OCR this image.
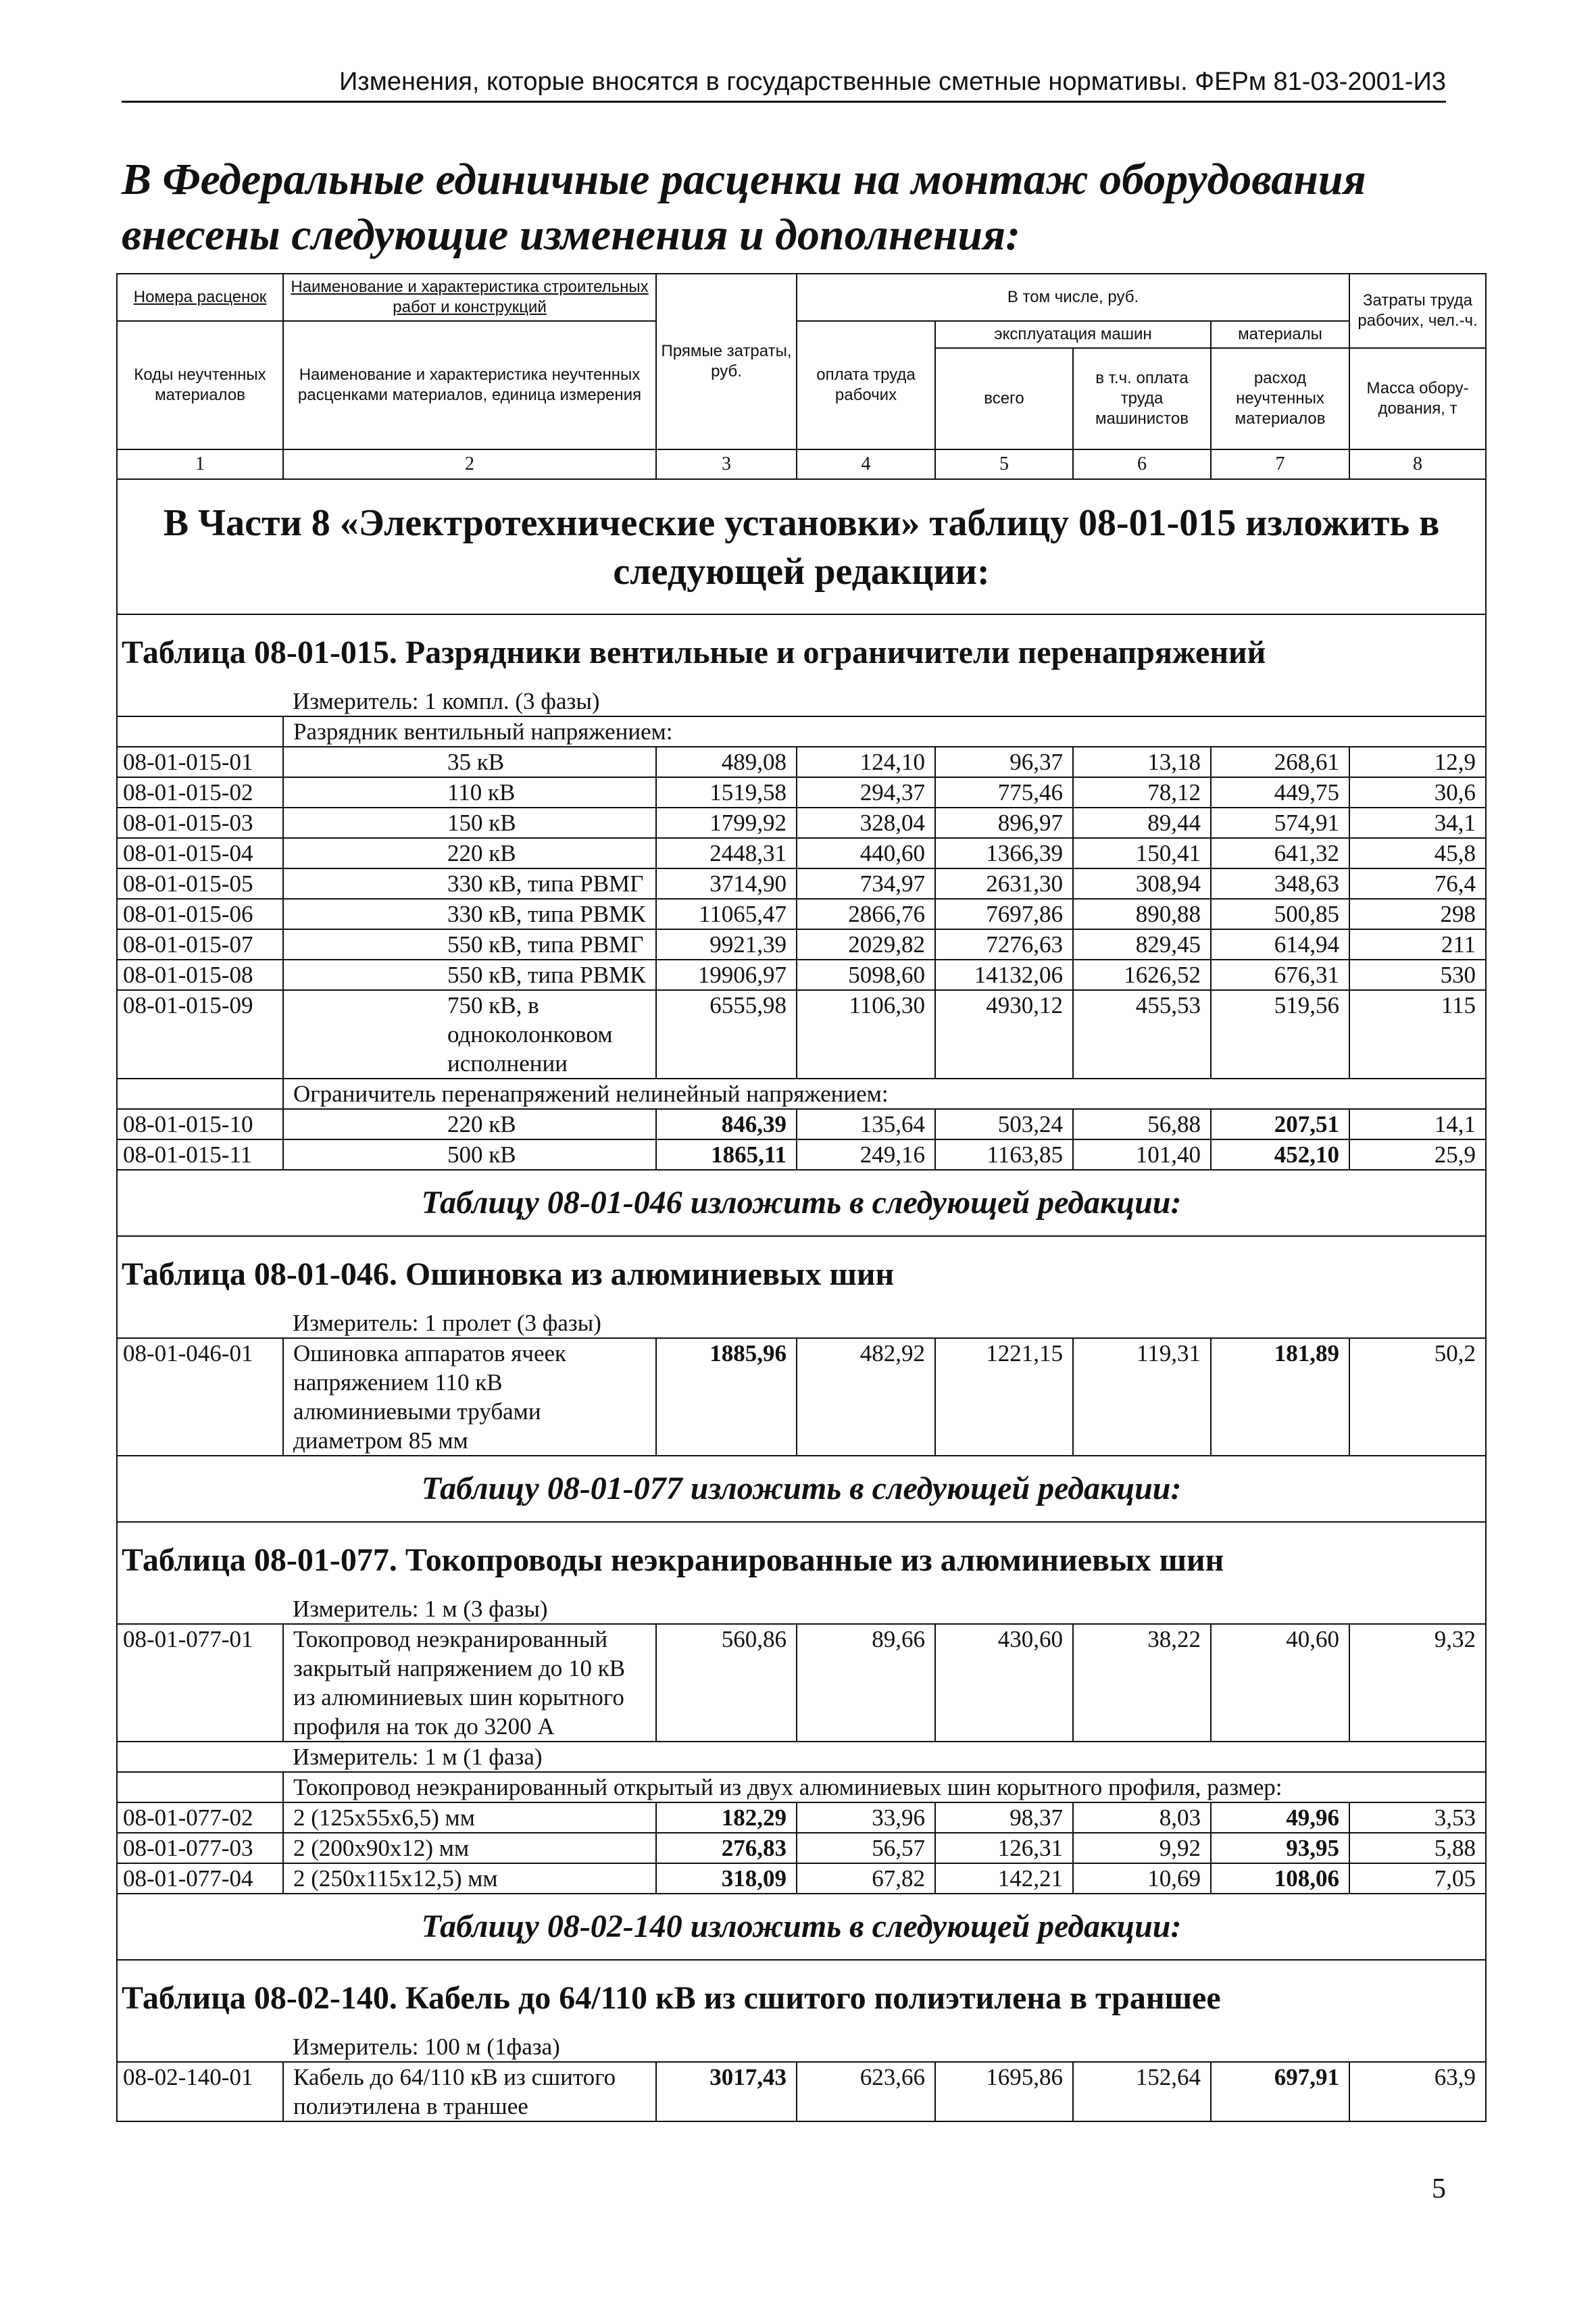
Изменения, которые вносятся в государственные сметные нормативы. ФЕРм 81-03-2001-И3
В Федеральные единичные расценки на монтаж оборудования внесены следующие изменения и дополнения:
Номера расценок	Наименование и характеристика строительных работ и конструкций	Прямые затраты, руб.	В том числе, руб.				Затраты труда рабочих, чел.-ч.
Коды неучтенных материалов	Наименование и характеристика неучтенных расценками материалов, единица измерения		оплата труда рабочих	эксплуатация машин		материалы	
				всего	в т.ч. оплата труда машинистов	расход неучтенных материалов	Масса обору-дования, т
1	2	3	4	5	6	7	8
В Части 8 «Электротехнические установки» таблицу 08-01-015 изложить в следующей редакции:							
Таблица 08-01-015. Разрядники вентильные и ограничители перенапряжений							
	Измеритель: 1 компл. (3 фазы)						
	Разрядник вентильный напряжением:						
08-01-015-01	35 кВ	489,08	124,10	96,37	13,18	268,61	12,9
08-01-015-02	110 кВ	1519,58	294,37	775,46	78,12	449,75	30,6
08-01-015-03	150 кВ	1799,92	328,04	896,97	89,44	574,91	34,1
08-01-015-04	220 кВ	2448,31	440,60	1366,39	150,41	641,32	45,8
08-01-015-05	330 кВ, типа РВМГ	3714,90	734,97	2631,30	308,94	348,63	76,4
08-01-015-06	330 кВ, типа РВМК	11065,47	2866,76	7697,86	890,88	500,85	298
08-01-015-07	550 кВ, типа РВМГ	9921,39	2029,82	7276,63	829,45	614,94	211
08-01-015-08	550 кВ, типа РВМК	19906,97	5098,60	14132,06	1626,52	676,31	530
08-01-015-09	750 кВ, в одноколонковом исполнении	6555,98	1106,30	4930,12	455,53	519,56	115
	Ограничитель перенапряжений нелинейный напряжением:						
08-01-015-10	220 кВ	846,39	135,64	503,24	56,88	207,51	14,1
08-01-015-11	500 кВ	1865,11	249,16	1163,85	101,40	452,10	25,9
Таблицу 08-01-046 изложить в следующей редакции:							
Таблица 08-01-046. Ошиновка из алюминиевых шин							
	Измеритель: 1 пролет (3 фазы)						
08-01-046-01	Ошиновка аппаратов ячеек напряжением 110 кВ алюминиевыми трубами диаметром 85 мм	1885,96	482,92	1221,15	119,31	181,89	50,2
Таблицу 08-01-077 изложить в следующей редакции:							
Таблица 08-01-077. Токопроводы неэкранированные из алюминиевых шин							
	Измеритель: 1 м (3 фазы)						
08-01-077-01	Токопровод неэкранированный закрытый напряжением до 10 кВ из алюминиевых шин корытного профиля на ток до 3200 А	560,86	89,66	430,60	38,22	40,60	9,32
	Измеритель: 1 м (1 фаза)						
	Токопровод неэкранированный открытый из двух алюминиевых шин корытного профиля, размер:						
08-01-077-02	2 (125х55х6,5) мм	182,29	33,96	98,37	8,03	49,96	3,53
08-01-077-03	2 (200х90х12) мм	276,83	56,57	126,31	9,92	93,95	5,88
08-01-077-04	2 (250х115х12,5) мм	318,09	67,82	142,21	10,69	108,06	7,05
Таблицу 08-02-140 изложить в следующей редакции:							
Таблица 08-02-140. Кабель до 64/110 кВ из сшитого полиэтилена в траншее							
	Измеритель: 100 м (1фаза)						
08-02-140-01	Кабель до 64/110 кВ из сшитого полиэтилена в траншее	3017,43	623,66	1695,86	152,64	697,91	63,9
5
